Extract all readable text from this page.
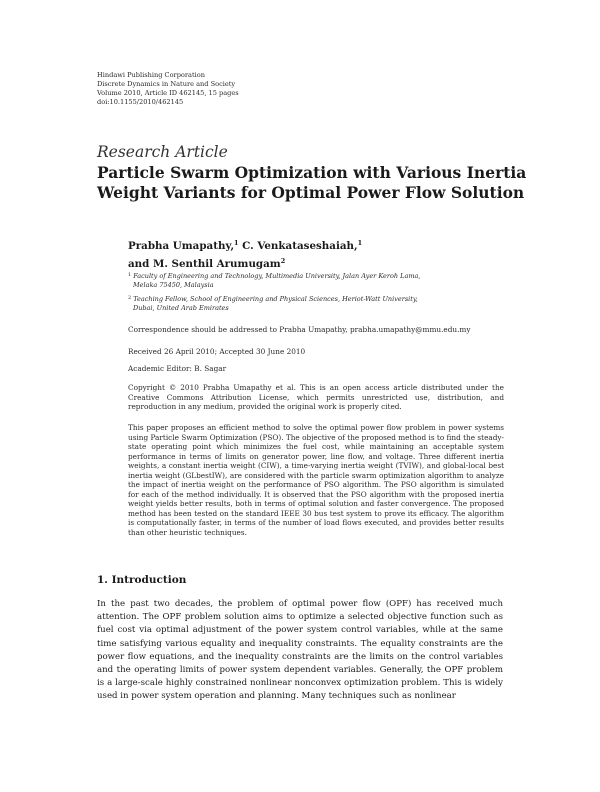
Hindawi Publishing Corporation
Discrete Dynamics in Nature and Society
Volume 2010, Article ID 462145, 15 pages
doi:10.1155/2010/462145
Research Article
Particle Swarm Optimization with Various Inertia
Weight Variants for Optimal Power Flow Solution
Prabha Umapathy,$^1$ C. Venkataseshaiah,$^1$
and M. Senthil Arumugam$^2$
$^1$ Faculty of Engineering and Technology, Multimedia University, Jalan Ayer Keroh Lama,
Melaka 75450, Malaysia
$^2$ Teaching Fellow, School of Engineering and Physical Sciences, Heriot-Watt University,
Dubai, United Arab Emirates
Correspondence should be addressed to Prabha Umapathy, prabha.umapathy@mmu.edu.my
Received 26 April 2010; Accepted 30 June 2010
Academic Editor: B. Sagar
Copyright © 2010 Prabha Umapathy et al. This is an open access article distributed under the Creative Commons Attribution License, which permits unrestricted use, distribution, and reproduction in any medium, provided the original work is properly cited.
This paper proposes an efficient method to solve the optimal power flow problem in power systems using Particle Swarm Optimization (PSO). The objective of the proposed method is to find the steady-state operating point which minimizes the fuel cost, while maintaining an acceptable system performance in terms of limits on generator power, line flow, and voltage. Three different inertia weights, a constant inertia weight (CIW), a time-varying inertia weight (TVIW), and global-local best inertia weight (GLbestIW), are considered with the particle swarm optimization algorithm to analyze the impact of inertia weight on the performance of PSO algorithm. The PSO algorithm is simulated for each of the method individually. It is observed that the PSO algorithm with the proposed inertia weight yields better results, both in terms of optimal solution and faster convergence. The proposed method has been tested on the standard IEEE 30 bus test system to prove its efficacy. The algorithm is computationally faster, in terms of the number of load flows executed, and provides better results than other heuristic techniques.
1. Introduction
In the past two decades, the problem of optimal power flow (OPF) has received much attention. The OPF problem solution aims to optimize a selected objective function such as fuel cost via optimal adjustment of the power system control variables, while at the same time satisfying various equality and inequality constraints. The equality constraints are the power flow equations, and the inequality constraints are the limits on the control variables and the operating limits of power system dependent variables. Generally, the OPF problem is a large-scale highly constrained nonlinear nonconvex optimization problem. This is widely used in power system operation and planning. Many techniques such as nonlinear
